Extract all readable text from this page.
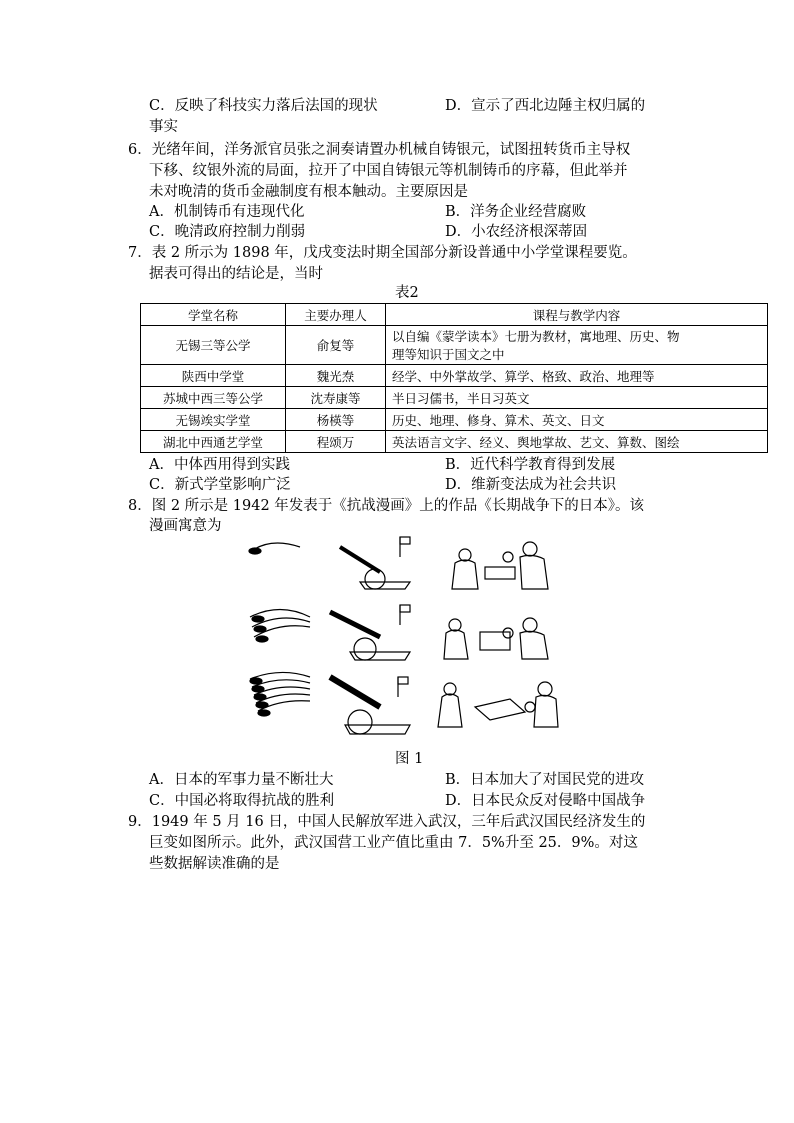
C．反映了科技实力落后法国的现状	D．宣示了西北边陲主权归属的
事实
6．光绪年间，洋务派官员张之洞奏请置办机械自铸银元，试图扭转货币主导权
下移、纹银外流的局面，拉开了中国自铸银元等机制铸币的序幕，但此举并
未对晚清的货币金融制度有根本触动。主要原因是
A．机制铸币有违现代化	B．洋务企业经营腐败
C．晚清政府控制力削弱	D．小农经济根深蒂固
7．表 2 所示为 1898 年，戊戌变法时期全国部分新设普通中小学堂课程要览。
据表可得出的结论是，当时
表2
学堂名称	主要办理人	课程与教学内容
无锡三等公学	俞复等	以自编《蒙学读本》七册为教材，寓地理、历史、物
理等知识于国文之中

陕西中学堂	魏光焘	经学、中外掌故学、算学、格致、政治、地理等
苏城中西三等公学	沈寿康等	半日习儒书，半日习英文
无锡竢实学堂	杨楧等	历史、地理、修身、算术、英文、日文
湖北中西通艺学堂	程颂万	英法语言文字、经义、舆地掌故、艺文、算数、图绘
A．中体西用得到实践	B．近代科学教育得到发展
C．新式学堂影响广泛	D．维新变法成为社会共识
8．图 2 所示是 1942 年发表于《抗战漫画》上的作品《长期战争下的日本》。该
漫画寓意为
图 1
A．日本的军事力量不断壮大	B．日本加大了对国民党的进攻
C．中国必将取得抗战的胜利	D．日本民众反对侵略中国战争
9．1949 年 5 月 16 日，中国人民解放军进入武汉，三年后武汉国民经济发生的
巨变如图所示。此外，武汉国营工业产值比重由 7．5%升至 25．9%。对这
些数据解读准确的是
